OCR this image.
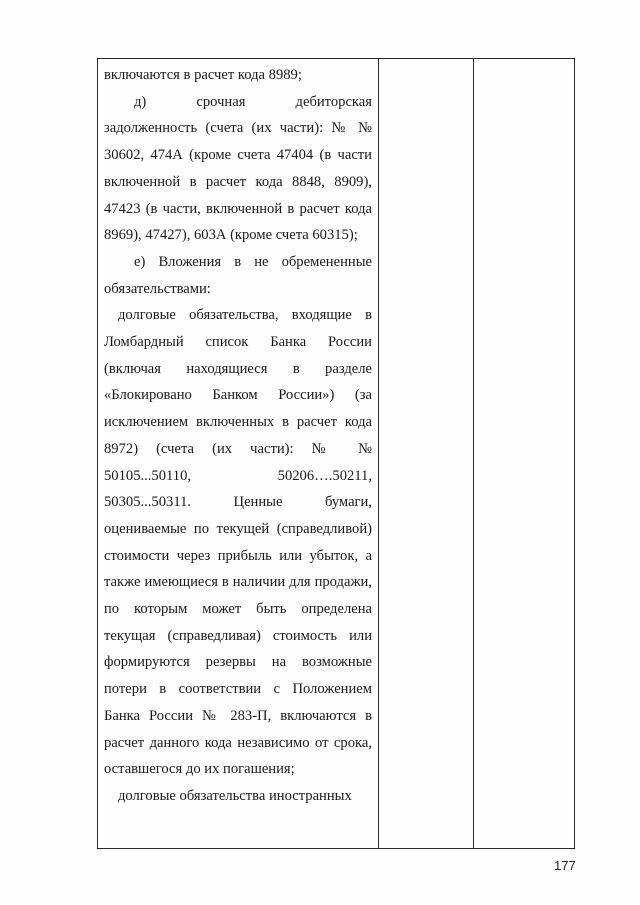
включаются в расчет кода 8989;

д) срочная дебиторская задолженность (счета (их части): № № 30602, 474А (кроме счета 47404 (в части включенной в расчет кода 8848, 8909), 47423 (в части, включенной в расчет кода 8969), 47427), 603А (кроме счета 60315);

е) Вложения в не обремененные обязательствами:

долговые обязательства, входящие в Ломбардный список Банка России (включая находящиеся в разделе «Блокировано Банком России») (за исключением включенных в расчет кода 8972) (счета (их части): № № 50105...50110, 50206….50211, 50305...50311. Ценные бумаги, оцениваемые по текущей (справедливой) стоимости через прибыль или убыток, а также имеющиеся в наличии для продажи, по которым может быть определена текущая (справедливая) стоимость или формируются резервы на возможные потери в соответствии с Положением Банка России № 283-П, включаются в расчет данного кода независимо от срока, оставшегося до их погашения;

долговые обязательства иностранных

177
